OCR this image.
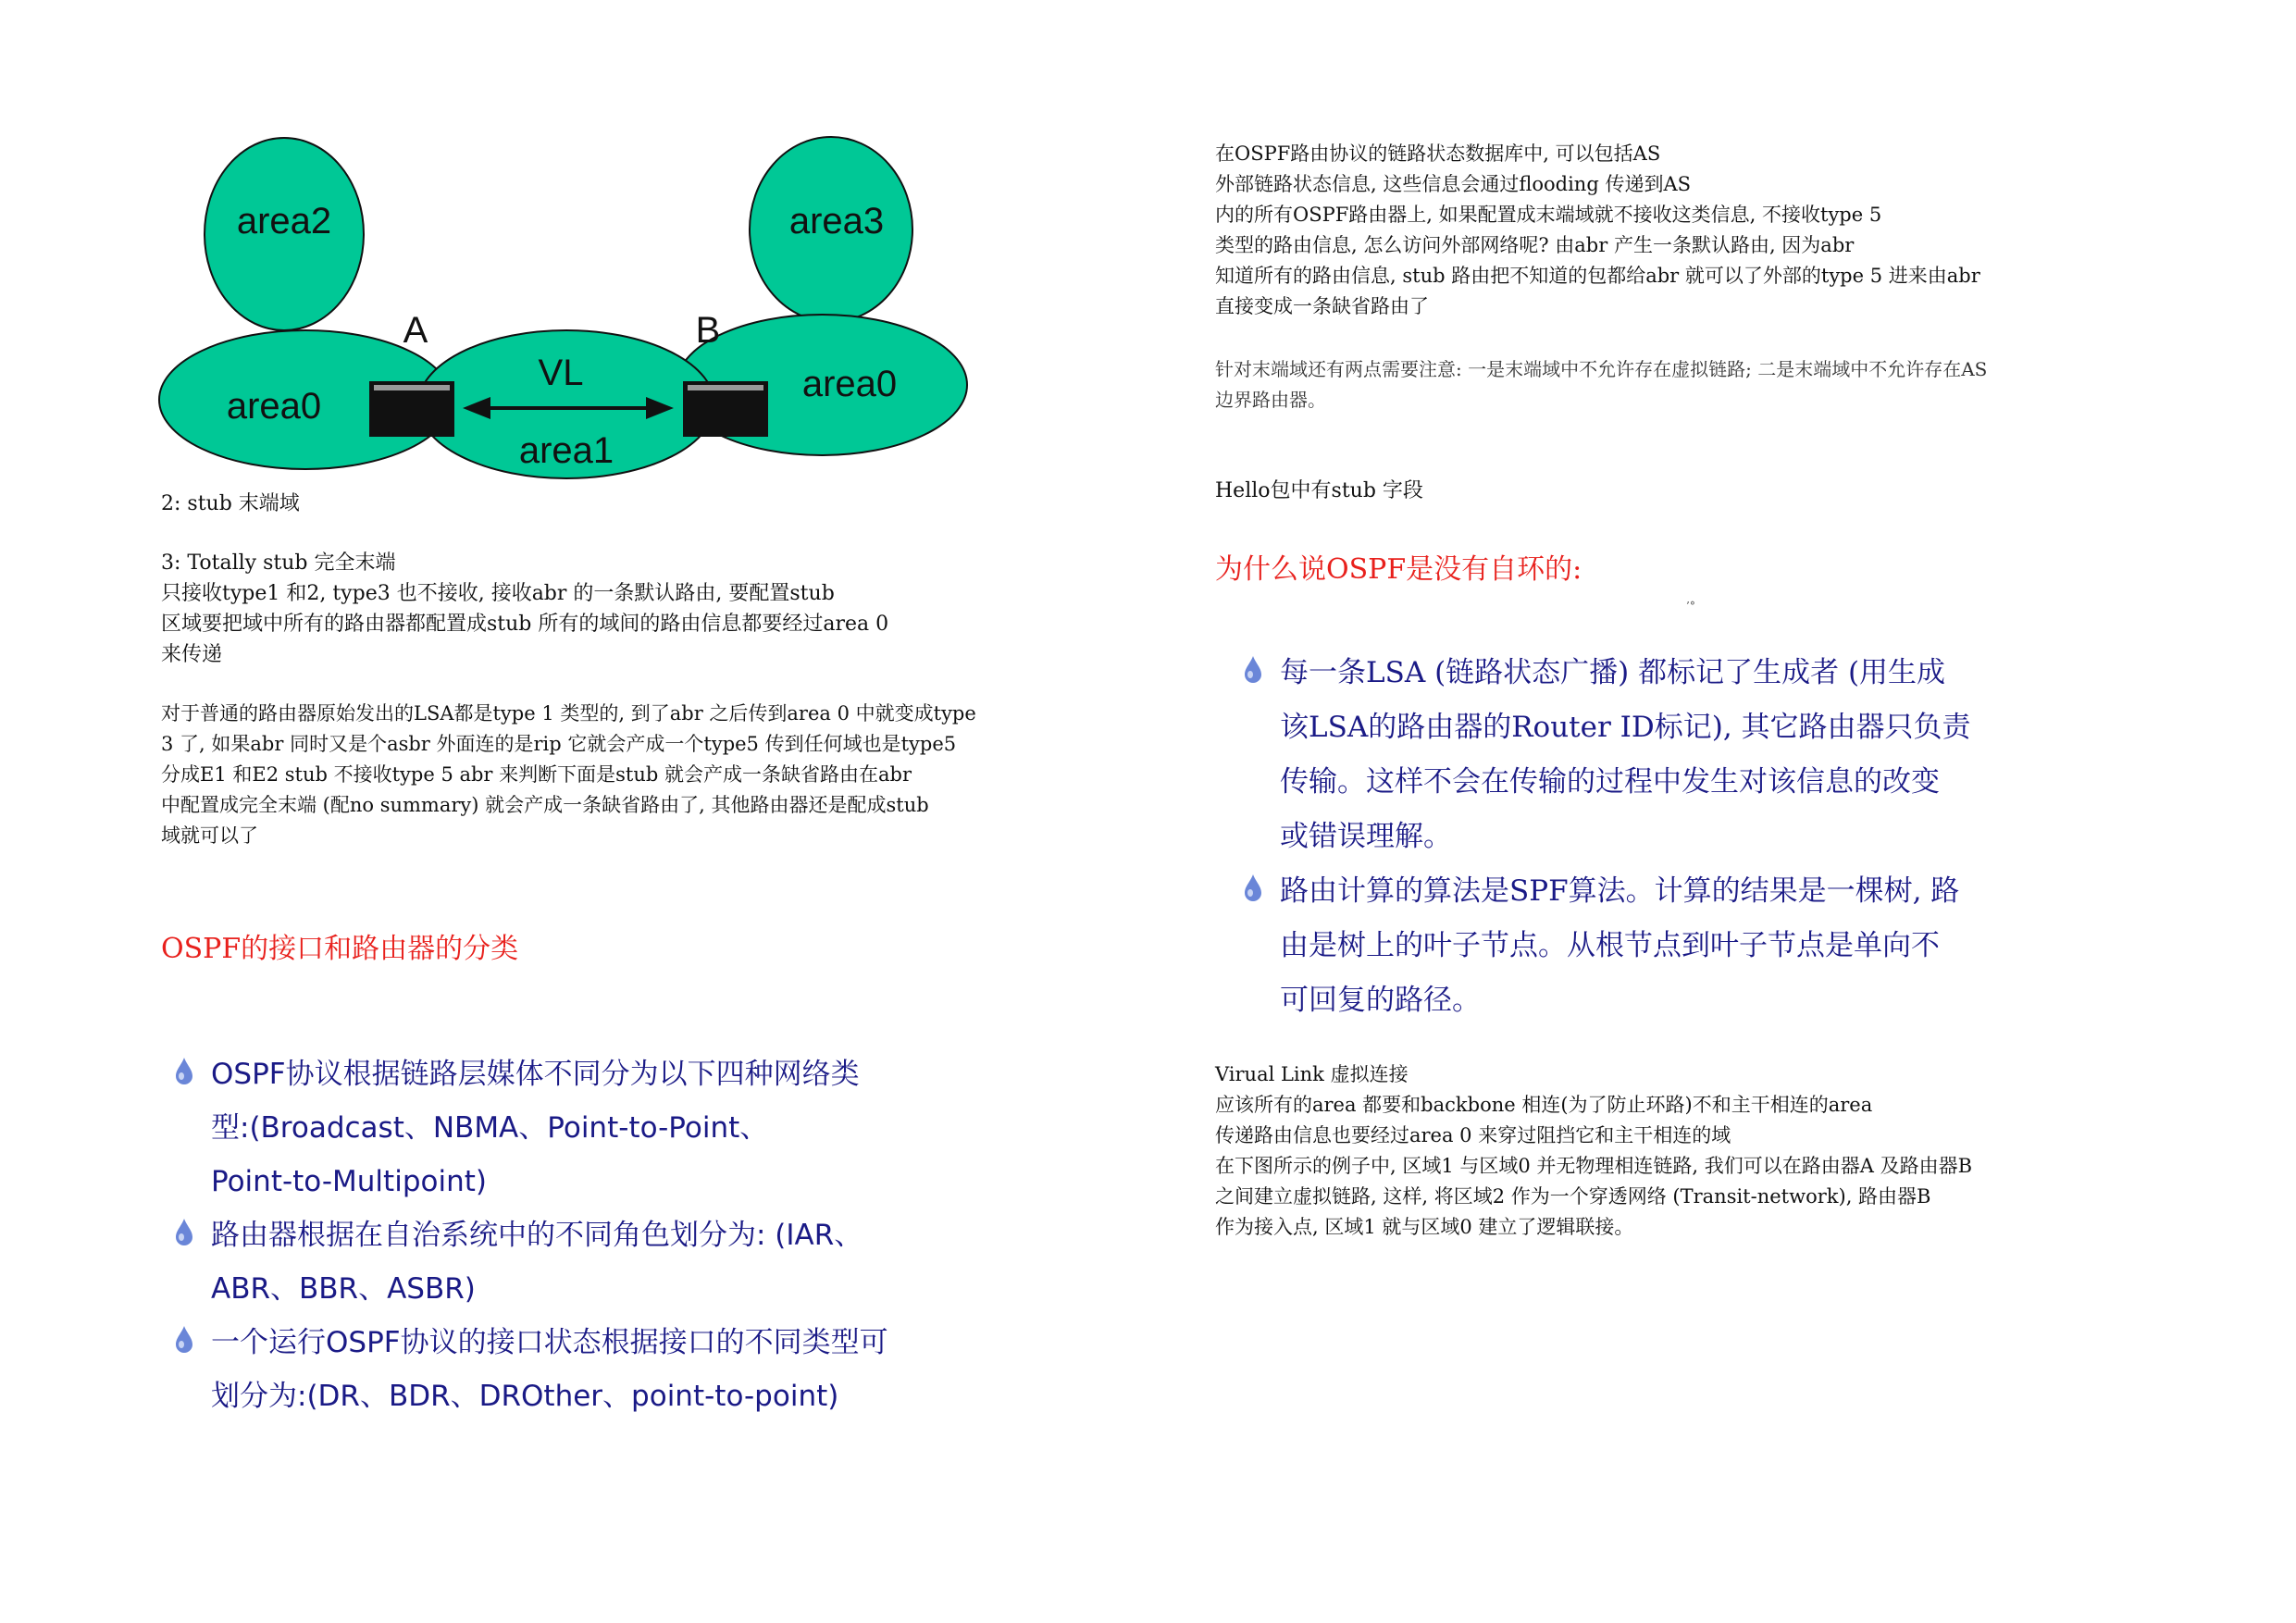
area2	area3
area0
area0
area1
VL
A	B

2: stub 末端域

3: Totally stub 完全末端

只接收type1 和2, type3 也不接收, 接收abr 的一条默认路由, 要配置stub

区域要把域中所有的路由器都配置成stub 所有的域间的路由信息都要经过area 0

来传递

对于普通的路由器原始发出的LSA都是type 1 类型的, 到了abr 之后传到area 0 中就变成type

3 了, 如果abr 同时又是个asbr 外面连的是rip 它就会产成一个type5 传到任何域也是type5

分成E1 和E2 stub 不接收type 5 abr 来判断下面是stub 就会产成一条缺省路由在abr

中配置成完全末端 (配no summary) 就会产成一条缺省路由了, 其他路由器还是配成stub

域就可以了

OSPF的接口和路由器的分类

OSPF协议根据链路层媒体不同分为以下四种网络类

型:(Broadcast、NBMA、Point-to-Point、

Point-to-Multipoint)

路由器根据在自治系统中的不同角色划分为: (IAR、

ABR、BBR、ASBR)

一个运行OSPF协议的接口状态根据接口的不同类型可

划分为:(DR、BDR、DROther、point-to-point)

在OSPF路由协议的链路状态数据库中, 可以包括AS

外部链路状态信息, 这些信息会通过flooding 传递到AS

内的所有OSPF路由器上, 如果配置成末端域就不接收这类信息, 不接收type 5

类型的路由信息, 怎么访问外部网络呢? 由abr 产生一条默认路由, 因为abr

知道所有的路由信息, stub 路由把不知道的包都给abr 就可以了外部的type 5 进来由abr

直接变成一条缺省路由了

针对末端域还有两点需要注意: 一是末端域中不允许存在虚拟链路; 二是末端域中不允许存在AS

边界路由器。

Hello包中有stub 字段

为什么说OSPF是没有自环的:
’°

每一条LSA (链路状态广播) 都标记了生成者 (用生成

该LSA的路由器的Router ID标记), 其它路由器只负责

传输。这样不会在传输的过程中发生对该信息的改变

或错误理解。

路由计算的算法是SPF算法。计算的结果是一棵树, 路

由是树上的叶子节点。从根节点到叶子节点是单向不

可回复的路径。

Virual Link 虚拟连接

应该所有的area 都要和backbone 相连(为了防止环路)不和主干相连的area

传递路由信息也要经过area 0 来穿过阻挡它和主干相连的域

在下图所示的例子中, 区域1 与区域0 并无物理相连链路, 我们可以在路由器A 及路由器B

之间建立虚拟链路, 这样, 将区域2 作为一个穿透网络 (Transit-network), 路由器B

作为接入点, 区域1 就与区域0 建立了逻辑联接。
